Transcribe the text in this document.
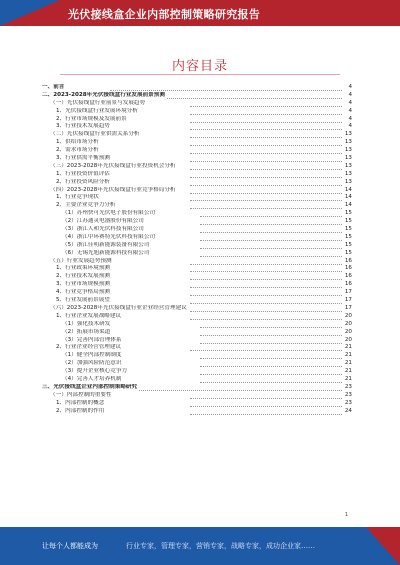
光伏接线盒企业内部控制策略研究报告
内容目录
一、前言	4
二、2023-2028年光伏接线盒行业发展前景预测	4
（一）光伏接线盒行业前景与发展趋势	4
1、光伏接线盒行业发展环境分析	4
2、行业市场规模及发展前景	4
3、行业技术发展趋势	4
（二）光伏接线盒行业供需关系分析	13
1、供给市场分析	13
2、需求市场分析	13
3、行业供需平衡预测	13
（三）2023-2028年光伏接线盒行业投资机会分析	13
1、行业投资价值评估	13
2、行业投资风险分析	13
（四）2023-2028年光伏接线盒行业竞争格局分析	14
1、行业竞争现状	14
2、主要企业竞争力分析	14
（1）苏州快可光伏电子股份有限公司	15
（2）江苏通灵电器股份有限公司	15
（3）浙江人和光伏科技有限公司	15
（4）浙江中环赛特光伏科技有限公司	15
（5）浙江佳明新能源装备有限公司	15
（6）无锡光旭新能源科技有限公司	15
（五）行业发展趋势预测	16
1、行业政策环境预测	16
2、行业技术发展预测	16
3、行业市场规模预测	16
4、行业竞争格局预测	17
5、行业发展前景展望	17
（六）2023-2028年光伏接线盒行业企业经营管理建议	17
1、行业企业发展战略建议	20
（1）强化技术研发	20
（2）拓展市场渠道	20
（3）完善内部管理体系	20
2、行业企业经营管理建议	21
（1）健全内部控制制度	21
（2）加强风险防范意识	21
（3）提升企业核心竞争力	21
（4）完善人才培养机制	21
三、光伏接线盒企业内部控制策略研究	23
（一）内部控制的重要性	23
1、内部控制的概念	23
2、内部控制的作用	24
1
让每个人都能成为	行业专家，管理专家，营销专家，战略专家，成功企业家……
